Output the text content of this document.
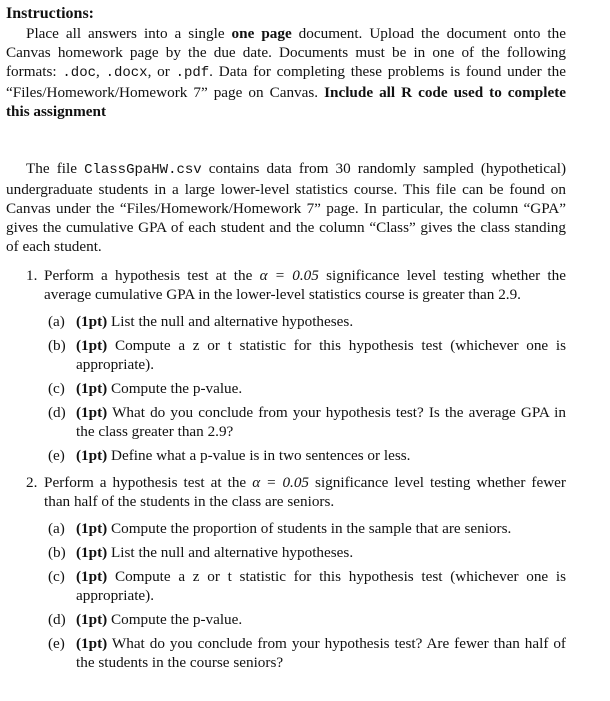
Instructions:

Place all answers into a single one page document. Upload the document onto the Canvas homework page by the due date. Documents must be in one of the following formats: .doc, .docx, or .pdf. Data for completing these problems is found under the “Files/Homework/Homework 7” page on Canvas. Include all R code used to complete this assignment

The file ClassGpaHW.csv contains data from 30 randomly sampled (hypothetical) undergraduate students in a large lower-level statistics course. This file can be found on Canvas under the “Files/Homework/Homework 7” page. In particular, the column “GPA” gives the cumulative GPA of each student and the column “Class” gives the class standing of each student.

1. Perform a hypothesis test at the α = 0.05 significance level testing whether the average cumulative GPA in the lower-level statistics course is greater than 2.9.
(a) (1pt) List the null and alternative hypotheses.
(b) (1pt) Compute a z or t statistic for this hypothesis test (whichever one is appropriate).
(c) (1pt) Compute the p-value.
(d) (1pt) What do you conclude from your hypothesis test? Is the average GPA in the class greater than 2.9?
(e) (1pt) Define what a p-value is in two sentences or less.
2. Perform a hypothesis test at the α = 0.05 significance level testing whether fewer than half of the students in the class are seniors.
(a) (1pt) Compute the proportion of students in the sample that are seniors.
(b) (1pt) List the null and alternative hypotheses.
(c) (1pt) Compute a z or t statistic for this hypothesis test (whichever one is appropriate).
(d) (1pt) Compute the p-value.
(e) (1pt) What do you conclude from your hypothesis test? Are fewer than half of the students in the course seniors?
